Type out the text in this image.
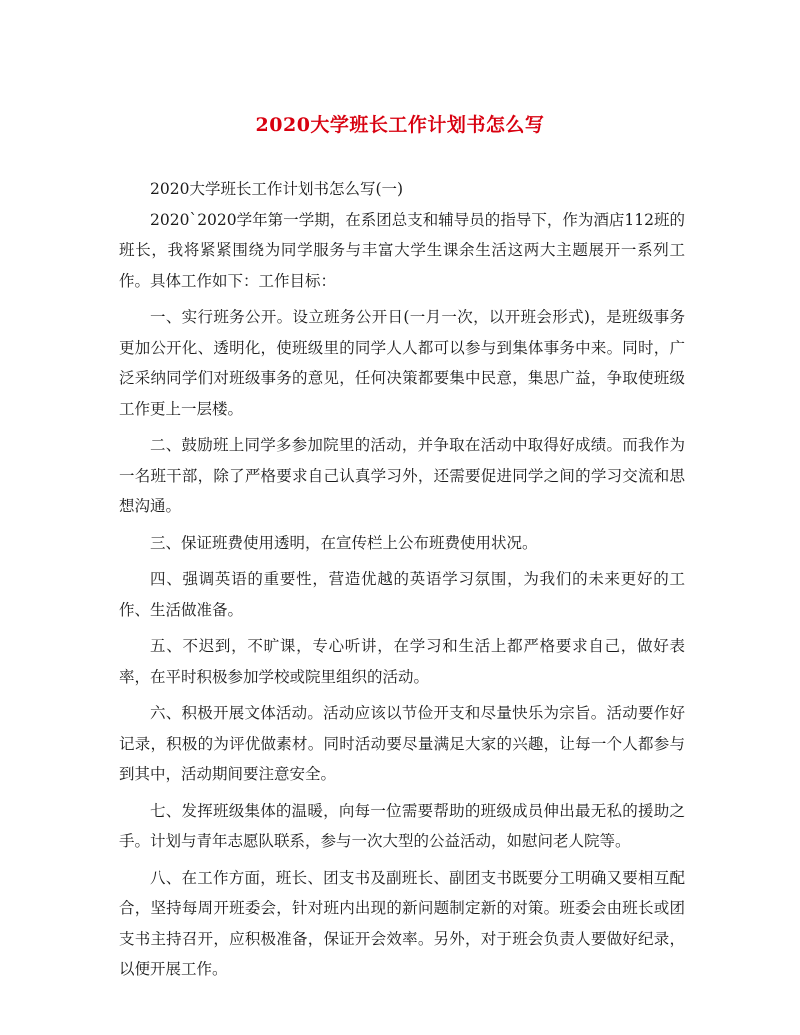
2020大学班长工作计划书怎么写

2020大学班长工作计划书怎么写(一)

2020`2020学年第一学期，在系团总支和辅导员的指导下，作为酒店112班的班长，我将紧紧围绕为同学服务与丰富大学生课余生活这两大主题展开一系列工作。具体工作如下：工作目标：

一、实行班务公开。设立班务公开日(一月一次，以开班会形式)，是班级事务更加公开化、透明化，使班级里的同学人人都可以参与到集体事务中来。同时，广泛采纳同学们对班级事务的意见，任何决策都要集中民意，集思广益，争取使班级工作更上一层楼。

二、鼓励班上同学多参加院里的活动，并争取在活动中取得好成绩。而我作为一名班干部，除了严格要求自己认真学习外，还需要促进同学之间的学习交流和思想沟通。

三、保证班费使用透明，在宣传栏上公布班费使用状况。

四、强调英语的重要性，营造优越的英语学习氛围，为我们的未来更好的工作、生活做准备。

五、不迟到，不旷课，专心听讲，在学习和生活上都严格要求自己，做好表率，在平时积极参加学校或院里组织的活动。

六、积极开展文体活动。活动应该以节俭开支和尽量快乐为宗旨。活动要作好记录，积极的为评优做素材。同时活动要尽量满足大家的兴趣，让每一个人都参与到其中，活动期间要注意安全。

七、发挥班级集体的温暖，向每一位需要帮助的班级成员伸出最无私的援助之手。计划与青年志愿队联系，参与一次大型的公益活动，如慰问老人院等。

八、在工作方面，班长、团支书及副班长、副团支书既要分工明确又要相互配合，坚持每周开班委会，针对班内出现的新问题制定新的对策。班委会由班长或团支书主持召开，应积极准备，保证开会效率。另外，对于班会负责人要做好纪录，以便开展工作。
